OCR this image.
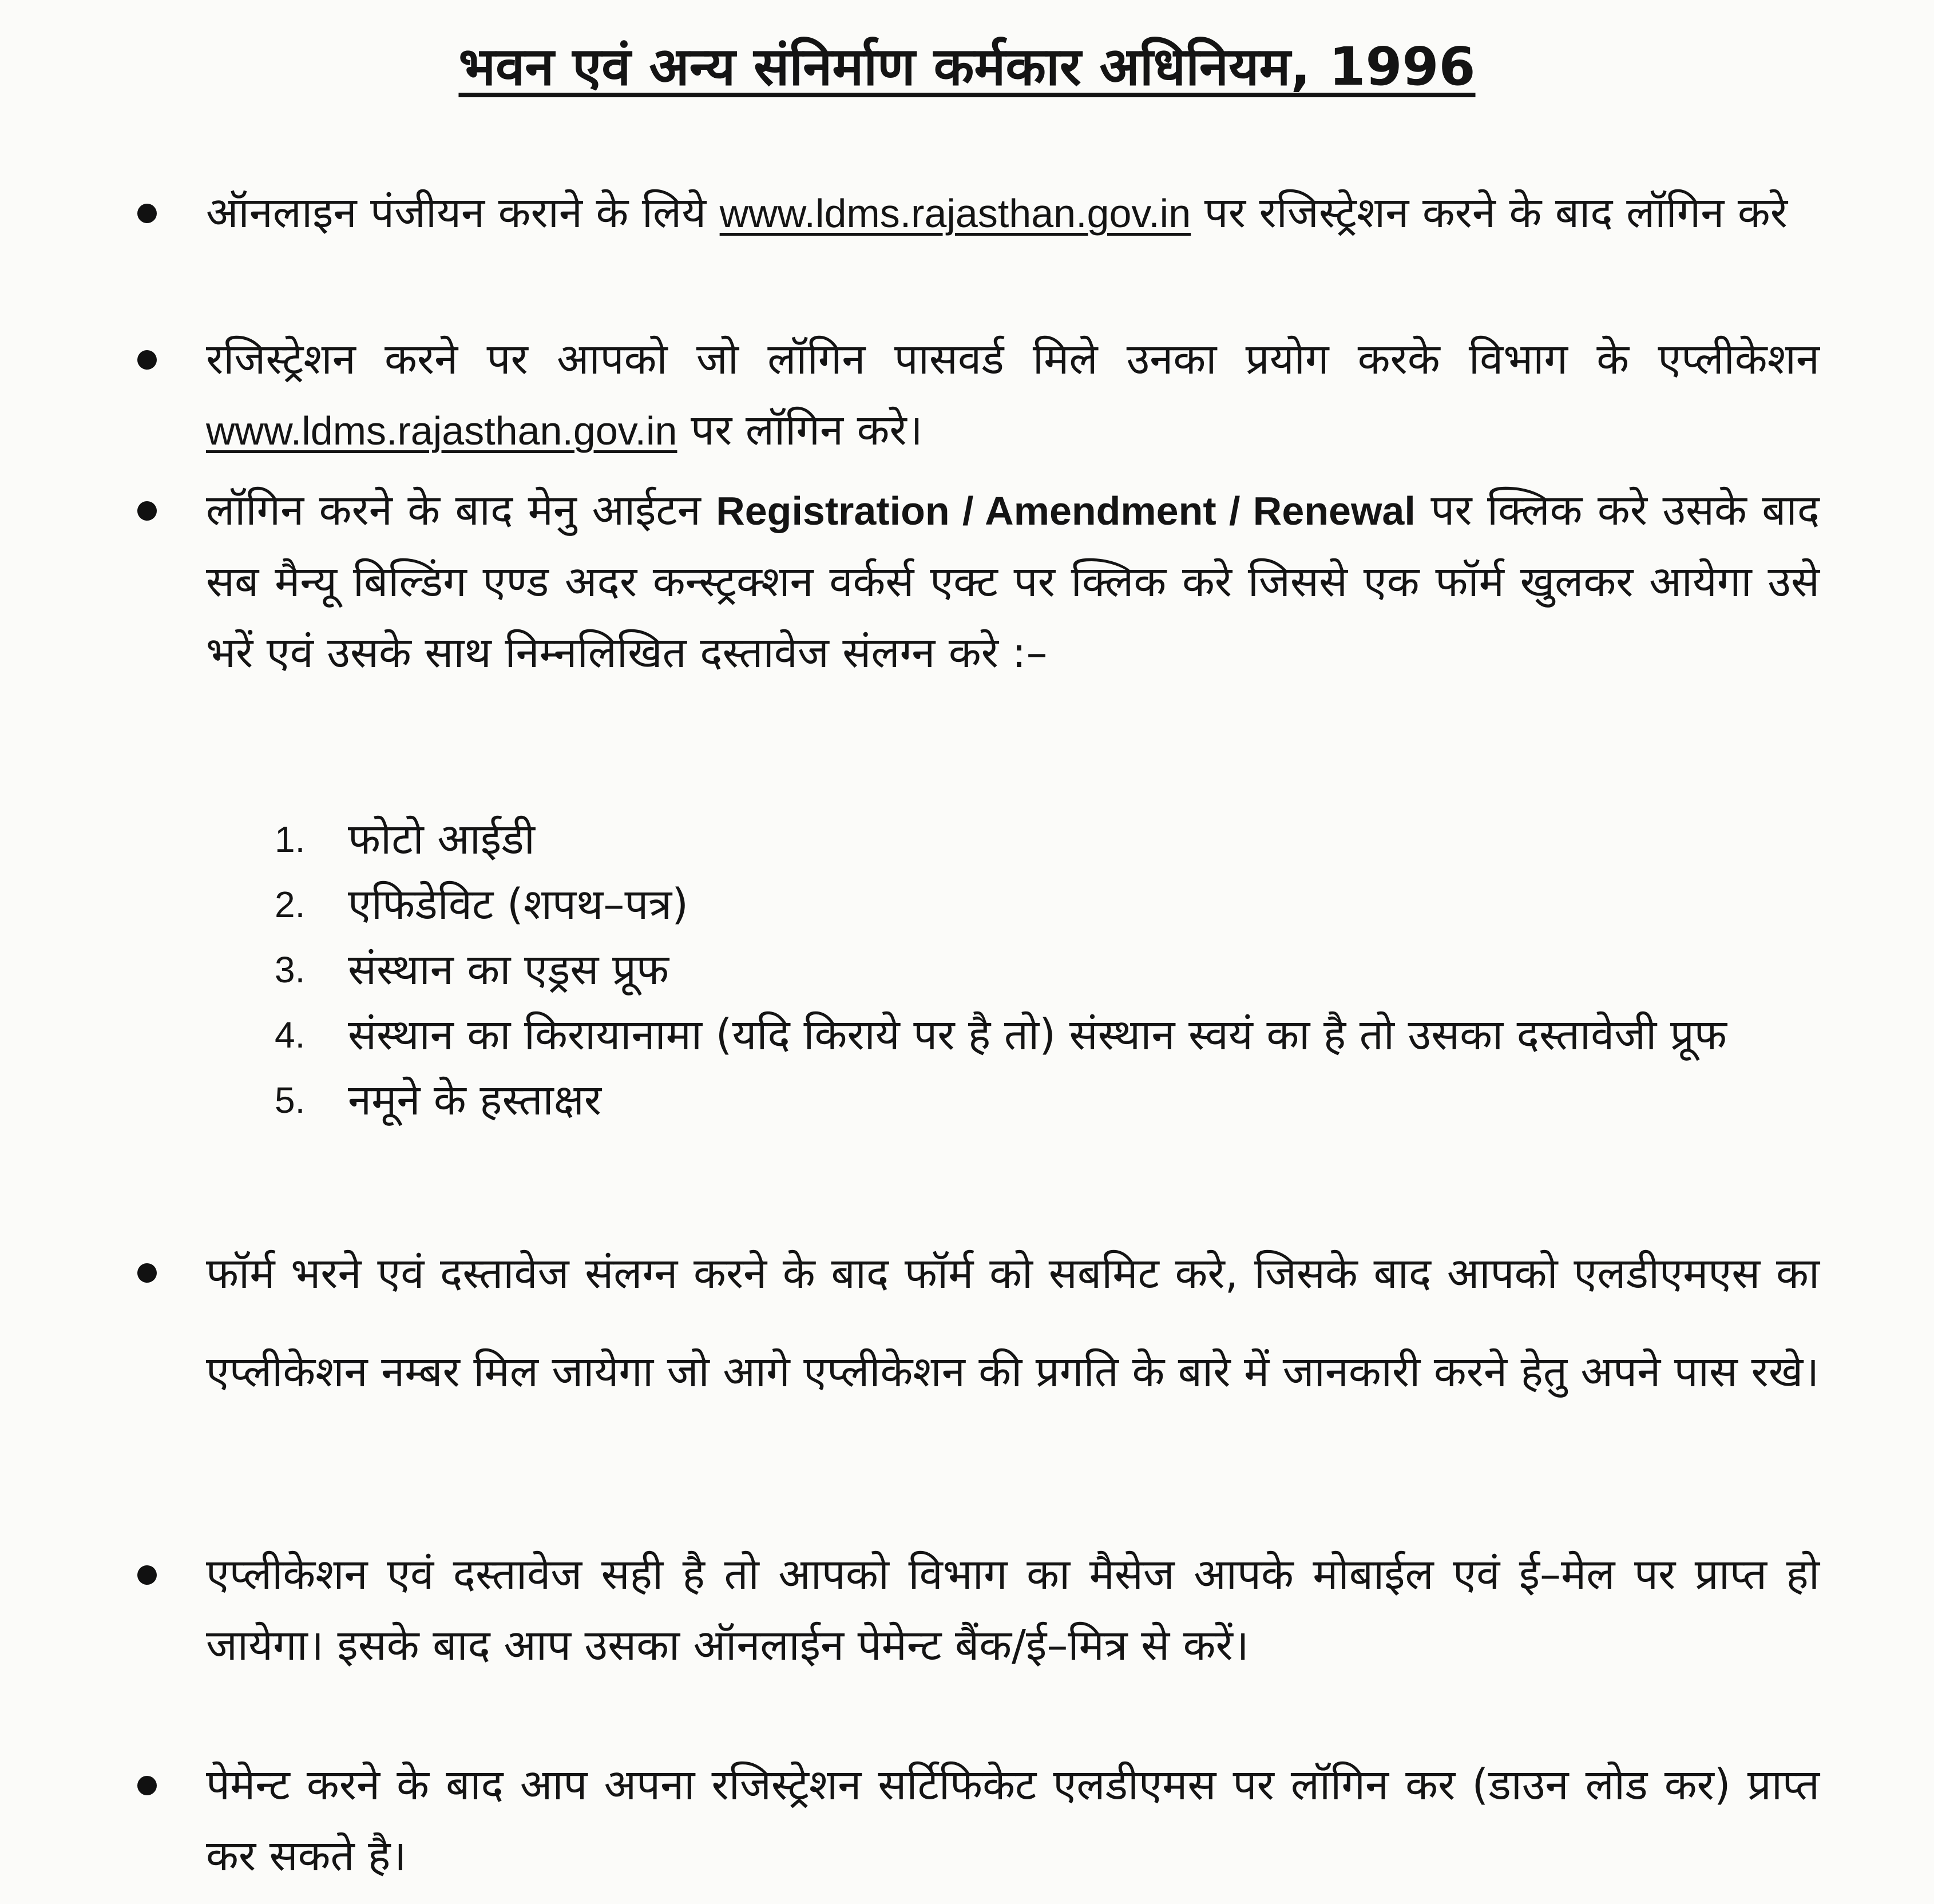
भवन एवं अन्य संनिर्माण कर्मकार अधिनियम, 1996
ऑनलाइन पंजीयन कराने के लिये www.ldms.rajasthan.gov.in पर रजिस्ट्रेशन करने के बाद लॉगिन करे
रजिस्ट्रेशन करने पर आपको जो लॉगिन पासवर्ड मिले उनका प्रयोग करके विभाग के एप्लीकेशन www.ldms.rajasthan.gov.in पर लॉगिन करे।
लॉगिन करने के बाद मेनु आईटन Registration / Amendment / Renewal पर क्लिक करे उसके बाद सब मैन्यू बिल्डिंग एण्ड अदर कन्स्ट्रक्शन वर्कर्स एक्ट पर क्लिक करे जिससे एक फॉर्म खुलकर आयेगा उसे भरें एवं उसके साथ निम्नलिखित दस्तावेज संलग्न करे :–
1. फोटो आईडी
2. एफिडेविट (शपथ–पत्र)
3. संस्थान का एड्रस प्रूफ
4. संस्थान का किरायानामा (यदि किराये पर है तो) संस्थान स्वयं का है तो उसका दस्तावेजी प्रूफ
5. नमूने के हस्ताक्षर
फॉर्म भरने एवं दस्तावेज संलग्न करने के बाद फॉर्म को सबमिट करे, जिसके बाद आपको एलडीएमएस का एप्लीकेशन नम्बर मिल जायेगा जो आगे एप्लीकेशन की प्रगति के बारे में जानकारी करने हेतु अपने पास रखे।
एप्लीकेशन एवं दस्तावेज सही है तो आपको विभाग का मैसेज आपके मोबाईल एवं ई–मेल पर प्राप्त हो जायेगा। इसके बाद आप उसका ऑनलाईन पेमेन्ट बैंक/ई–मित्र से करें।
पेमेन्ट करने के बाद आप अपना रजिस्ट्रेशन सर्टिफिकेट एलडीएमस पर लॉगिन कर (डाउन लोड कर) प्राप्त कर सकते है।
